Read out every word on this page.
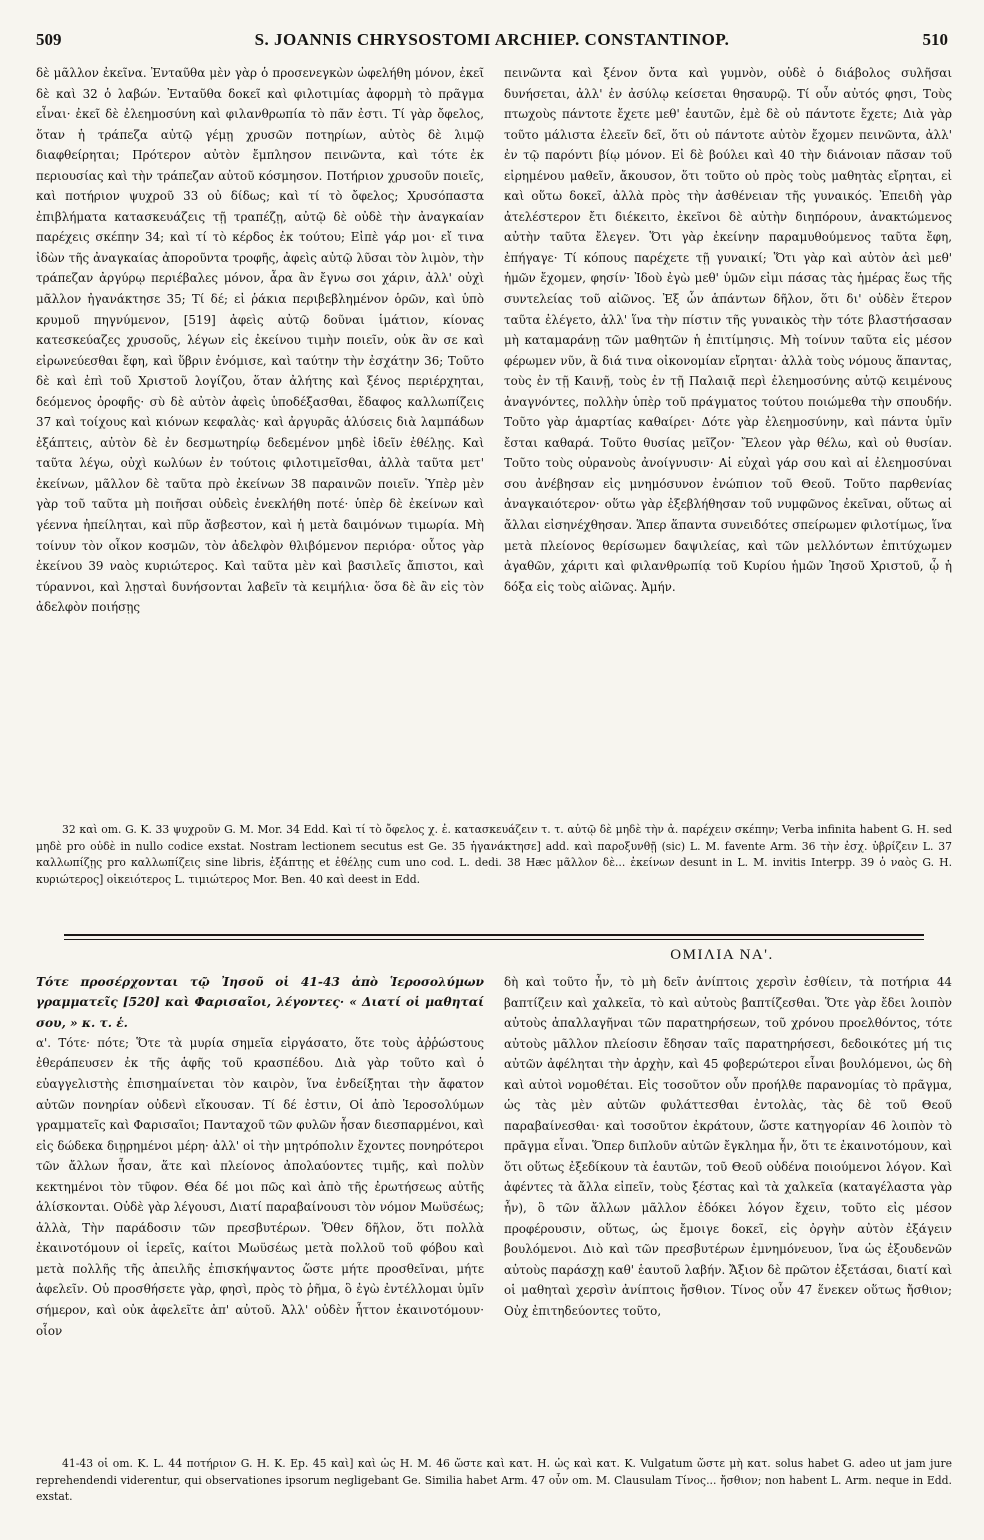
509	S. JOANNIS CHRYSOSTOMI ARCHIEP. CONSTANTINOP.	510

δὲ μᾶλλον ἐκεῖνα. Ἐνταῦθα μὲν γὰρ ὁ προσενεγκὼν ὠφελήθη μόνον, ἐκεῖ δὲ καὶ 32 ὁ λαβών. Ἐνταῦθα δοκεῖ καὶ φιλοτιμίας ἀφορμὴ τὸ πρᾶγμα εἶναι· ἐκεῖ δὲ ἐλεημοσύνη καὶ φιλανθρωπία τὸ πᾶν ἐστι. Τί γὰρ ὄφελος, ὅταν ἡ τράπεζα αὐτῷ γέμῃ χρυσῶν ποτηρίων, αὐτὸς δὲ λιμῷ διαφθείρηται; Πρότερον αὐτὸν ἔμπλησον πεινῶντα, καὶ τότε ἐκ περιουσίας καὶ τὴν τράπεζαν αὐτοῦ κόσμησον. Ποτήριον χρυσοῦν ποιεῖς, καὶ ποτήριον ψυχροῦ 33 οὐ δίδως; καὶ τί τὸ ὄφελος; Χρυσόπαστα ἐπιβλήματα κατασκευάζεις τῇ τραπέζῃ, αὐτῷ δὲ οὐδὲ τὴν ἀναγκαίαν παρέχεις σκέπην 34; καὶ τί τὸ κέρδος ἐκ τούτου; Εἰπὲ γάρ μοι· εἴ τινα ἰδὼν τῆς ἀναγκαίας ἀποροῦντα τροφῆς, ἀφεὶς αὐτῷ λῦσαι τὸν λιμὸν, τὴν τράπεζαν ἀργύρῳ περιέβαλες μόνον, ἆρα ἂν ἔγνω σοι χάριν, ἀλλ' οὐχὶ μᾶλλον ἠγανάκτησε 35; Τί δέ; εἰ ῥάκια περιβεβλημένον ὁρῶν, καὶ ὑπὸ κρυμοῦ πηγνύμενον, [519] ἀφεὶς αὐτῷ δοῦναι ἱμάτιον, κίονας κατεσκεύαζες χρυσοῦς, λέγων εἰς ἐκείνου τιμὴν ποιεῖν, οὐκ ἂν σε καὶ εἰρωνεύεσθαι ἔφη, καὶ ὕβριν ἐνόμισε, καὶ ταύτην τὴν ἐσχάτην 36; Τοῦτο δὲ καὶ ἐπὶ τοῦ Χριστοῦ λογίζου, ὅταν ἀλήτης καὶ ξένος περιέρχηται, δεόμενος ὀροφῆς· σὺ δὲ αὐτὸν ἀφεὶς ὑποδέξασθαι, ἔδαφος καλλωπίζεις 37 καὶ τοίχους καὶ κιόνων κεφαλὰς· καὶ ἀργυρᾶς ἁλύσεις διὰ λαμπάδων ἐξάπτεις, αὐτὸν δὲ ἐν δεσμωτηρίῳ δεδεμένον μηδὲ ἰδεῖν ἐθέλῃς. Καὶ ταῦτα λέγω, οὐχὶ κωλύων ἐν τούτοις φιλοτιμεῖσθαι, ἀλλὰ ταῦτα μετ' ἐκείνων, μᾶλλον δὲ ταῦτα πρὸ ἐκείνων 38 παραινῶν ποιεῖν. Ὑπὲρ μὲν γὰρ τοῦ ταῦτα μὴ ποιῆσαι οὐδεὶς ἐνεκλήθη ποτέ· ὑπὲρ δὲ ἐκείνων καὶ γέεννα ἠπείληται, καὶ πῦρ ἄσβεστον, καὶ ἡ μετὰ δαιμόνων τιμωρία. Μὴ τοίνυν τὸν οἶκον κοσμῶν, τὸν ἀδελφὸν θλιβόμενον περιόρα· οὗτος γὰρ ἐκείνου 39 ναὸς κυριώτερος. Καὶ ταῦτα μὲν καὶ βασιλεῖς ἄπιστοι, καὶ τύραννοι, καὶ λῃσταὶ δυνήσονται λαβεῖν τὰ κειμήλια· ὅσα δὲ ἂν εἰς τὸν ἀδελφὸν ποιήσῃς

πεινῶντα καὶ ξένον ὄντα καὶ γυμνὸν, οὐδὲ ὁ διάβολος συλῆσαι δυνήσεται, ἀλλ' ἐν ἀσύλῳ κείσεται θησαυρῷ. Τί οὖν αὐτός φησι, Τοὺς πτωχοὺς πάντοτε ἔχετε μεθ' ἑαυτῶν, ἐμὲ δὲ οὐ πάντοτε ἔχετε; Διὰ γὰρ τοῦτο μάλιστα ἐλεεῖν δεῖ, ὅτι οὐ πάντοτε αὐτὸν ἔχομεν πεινῶντα, ἀλλ' ἐν τῷ παρόντι βίῳ μόνον. Εἰ δὲ βούλει καὶ 40 τὴν διάνοιαν πᾶσαν τοῦ εἰρημένου μαθεῖν, ἄκουσον, ὅτι τοῦτο οὐ πρὸς τοὺς μαθητὰς εἴρηται, εἰ καὶ οὕτω δοκεῖ, ἀλλὰ πρὸς τὴν ἀσθένειαν τῆς γυναικός. Ἐπειδὴ γὰρ ἀτελέστερον ἔτι διέκειτο, ἐκεῖνοι δὲ αὐτὴν διηπόρουν, ἀνακτώμενος αὐτὴν ταῦτα ἔλεγεν. Ὅτι γὰρ ἐκείνην παραμυθούμενος ταῦτα ἔφη, ἐπήγαγε· Τί κόπους παρέχετε τῇ γυναικί; Ὅτι γὰρ καὶ αὐτὸν ἀεὶ μεθ' ἡμῶν ἔχομεν, φησίν· Ἰδοὺ ἐγὼ μεθ' ὑμῶν εἰμι πάσας τὰς ἡμέρας ἕως τῆς συντελείας τοῦ αἰῶνος. Ἐξ ὧν ἁπάντων δῆλον, ὅτι δι' οὐδὲν ἕτερον ταῦτα ἐλέγετο, ἀλλ' ἵνα τὴν πίστιν τῆς γυναικὸς τὴν τότε βλαστήσασαν μὴ καταμαράνῃ τῶν μαθητῶν ἡ ἐπιτίμησις. Μὴ τοίνυν ταῦτα εἰς μέσον φέρωμεν νῦν, ἃ διά τινα οἰκονομίαν εἴρηται· ἀλλὰ τοὺς νόμους ἅπαντας, τοὺς ἐν τῇ Καινῇ, τοὺς ἐν τῇ Παλαιᾷ περὶ ἐλεημοσύνης αὐτῷ κειμένους ἀναγνόντες, πολλὴν ὑπὲρ τοῦ πράγματος τούτου ποιώμεθα τὴν σπουδήν. Τοῦτο γὰρ ἁμαρτίας καθαίρει· Δότε γὰρ ἐλεημοσύνην, καὶ πάντα ὑμῖν ἔσται καθαρά. Τοῦτο θυσίας μεῖζον· Ἔλεον γὰρ θέλω, καὶ οὐ θυσίαν. Τοῦτο τοὺς οὐρανοὺς ἀνοίγνυσιν· Αἱ εὐχαὶ γάρ σου καὶ αἱ ἐλεημοσύναι σου ἀνέβησαν εἰς μνημόσυνον ἐνώπιον τοῦ Θεοῦ. Τοῦτο παρθενίας ἀναγκαιότερον· οὕτω γὰρ ἐξεβλήθησαν τοῦ νυμφῶνος ἐκεῖναι, οὕτως αἱ ἄλλαι εἰσηνέχθησαν. Ἅπερ ἅπαντα συνειδότες σπείρωμεν φιλοτίμως, ἵνα μετὰ πλείονος θερίσωμεν δαψιλείας, καὶ τῶν μελλόντων ἐπιτύχωμεν ἀγαθῶν, χάριτι καὶ φιλανθρωπίᾳ τοῦ Κυρίου ἡμῶν Ἰησοῦ Χριστοῦ, ᾧ ἡ δόξα εἰς τοὺς αἰῶνας. Ἀμήν.

32 καὶ om. G. K. 33 ψυχροῦν G. M. Mor. 34 Edd. Καὶ τί τὸ ὄφελος χ. ἐ. κατασκευάζειν τ. τ. αὐτῷ δὲ μηδὲ τὴν ἀ. παρέχειν σκέπην; Verba infinita habent G. H. sed μηδὲ pro οὐδὲ in nullo codice exstat. Nostram lectionem secutus est Ge. 35 ἠγανάκτησε] add. καὶ παροξυνθῇ (sic) L. M. favente Arm. 36 τὴν ἐσχ. ὑβρίζειν L. 37 καλλωπίζῃς pro καλλωπίζεις sine libris, ἐξάπτῃς et ἐθέλῃς cum uno cod. L. dedi. 38 Hæc μᾶλλον δὲ... ἐκείνων desunt in L. M. invitis Interpp. 39 ὁ ναὸς G. H. κυριώτερος] οἰκειότερος L. τιμιώτερος Mor. Ben. 40 καὶ deest in Edd.
ΟΜΙΛΙΑ ΝΑ'.

Τότε προσέρχονται τῷ Ἰησοῦ οἱ 41-43 ἀπὸ Ἱεροσολύμων γραμματεῖς [520] καὶ Φαρισαῖοι, λέγοντες· « Διατί οἱ μαθηταί σου, » κ. τ. ἑ.

α'. Τότε· πότε; Ὅτε τὰ μυρία σημεῖα εἰργάσατο, ὅτε τοὺς ἀῤῥώστους ἐθεράπευσεν ἐκ τῆς ἁφῆς τοῦ κρασπέδου. Διὰ γὰρ τοῦτο καὶ ὁ εὐαγγελιστὴς ἐπισημαίνεται τὸν καιρὸν, ἵνα ἐνδείξηται τὴν ἄφατον αὐτῶν πονηρίαν οὐδενὶ εἴκουσαν. Τί δέ ἐστιν, Οἱ ἀπὸ Ἱεροσολύμων γραμματεῖς καὶ Φαρισαῖοι; Πανταχοῦ τῶν φυλῶν ἦσαν διεσπαρμένοι, καὶ εἰς δώδεκα διῃρημένοι μέρη· ἀλλ' οἱ τὴν μητρόπολιν ἔχοντες πονηρότεροι τῶν ἄλλων ἦσαν, ἅτε καὶ πλείονος ἀπολαύοντες τιμῆς, καὶ πολὺν κεκτημένοι τὸν τῦφον. Θέα δέ μοι πῶς καὶ ἀπὸ τῆς ἐρωτήσεως αὐτῆς ἁλίσκονται. Οὐδὲ γὰρ λέγουσι, Διατί παραβαίνουσι τὸν νόμον Μωϋσέως; ἀλλὰ, Τὴν παράδοσιν τῶν πρεσβυτέρων. Ὅθεν δῆλον, ὅτι πολλὰ ἐκαινοτόμουν οἱ ἱερεῖς, καίτοι Μωϋσέως μετὰ πολλοῦ τοῦ φόβου καὶ μετὰ πολλῆς τῆς ἀπειλῆς ἐπισκήψαντος ὥστε μήτε προσθεῖναι, μήτε ἀφελεῖν. Οὐ προσθήσετε γὰρ, φησὶ, πρὸς τὸ ῥῆμα, ὃ ἐγὼ ἐντέλλομαι ὑμῖν σήμερον, καὶ οὐκ ἀφελεῖτε ἀπ' αὐτοῦ. Ἀλλ' οὐδὲν ἧττον ἐκαινοτόμουν· οἷον

δὴ καὶ τοῦτο ἦν, τὸ μὴ δεῖν ἀνίπτοις χερσὶν ἐσθίειν, τὰ ποτήρια 44 βαπτίζειν καὶ χαλκεῖα, τὸ καὶ αὐτοὺς βαπτίζεσθαι. Ὅτε γὰρ ἔδει λοιπὸν αὐτοὺς ἀπαλλαγῆναι τῶν παρατηρήσεων, τοῦ χρόνου προελθόντος, τότε αὐτοὺς μᾶλλον πλείοσιν ἔδησαν ταῖς παρατηρήσεσι, δεδοικότες μή τις αὐτῶν ἀφέληται τὴν ἀρχὴν, καὶ 45 φοβερώτεροι εἶναι βουλόμενοι, ὡς δὴ καὶ αὐτοὶ νομοθέται. Εἰς τοσοῦτον οὖν προήλθε παρανομίας τὸ πρᾶγμα, ὡς τὰς μὲν αὐτῶν φυλάττεσθαι ἐντολὰς, τὰς δὲ τοῦ Θεοῦ παραβαίνεσθαι· καὶ τοσοῦτον ἐκράτουν, ὥστε κατηγορίαν 46 λοιπὸν τὸ πρᾶγμα εἶναι. Ὅπερ διπλοῦν αὐτῶν ἔγκλημα ἦν, ὅτι τε ἐκαινοτόμουν, καὶ ὅτι οὕτως ἐξεδίκουν τὰ ἑαυτῶν, τοῦ Θεοῦ οὐδένα ποιούμενοι λόγον. Καὶ ἀφέντες τὰ ἄλλα εἰπεῖν, τοὺς ξέστας καὶ τὰ χαλκεῖα (καταγέλαστα γὰρ ἦν), ὃ τῶν ἄλλων μᾶλλον ἐδόκει λόγον ἔχειν, τοῦτο εἰς μέσον προφέρουσιν, οὕτως, ὡς ἔμοιγε δοκεῖ, εἰς ὀργὴν αὐτὸν ἐξάγειν βουλόμενοι. Διὸ καὶ τῶν πρεσβυτέρων ἐμνημόνευον, ἵνα ὡς ἐξουδενῶν αὐτοὺς παράσχῃ καθ' ἑαυτοῦ λαβήν. Ἄξιον δὲ πρῶτον ἐξετάσαι, διατί καὶ οἱ μαθηταὶ χερσὶν ἀνίπτοις ἤσθιον. Τίνος οὖν 47 ἕνεκεν οὕτως ἤσθιον; Οὐχ ἐπιτηδεύοντες τοῦτο,

41-43 οἱ om. K. L. 44 ποτήριον G. H. K. Ep. 45 καὶ] καὶ ὡς H. M. 46 ὥστε καὶ κατ. H. ὡς καὶ κατ. K. Vulgatum ὥστε μὴ κατ. solus habet G. adeo ut jam jure reprehendendi viderentur, qui observationes ipsorum negligebant Ge. Similia habet Arm. 47 οὖν om. M. Clausulam Τίνος... ἤσθιον; non habent L. Arm. neque in Edd. exstat.
